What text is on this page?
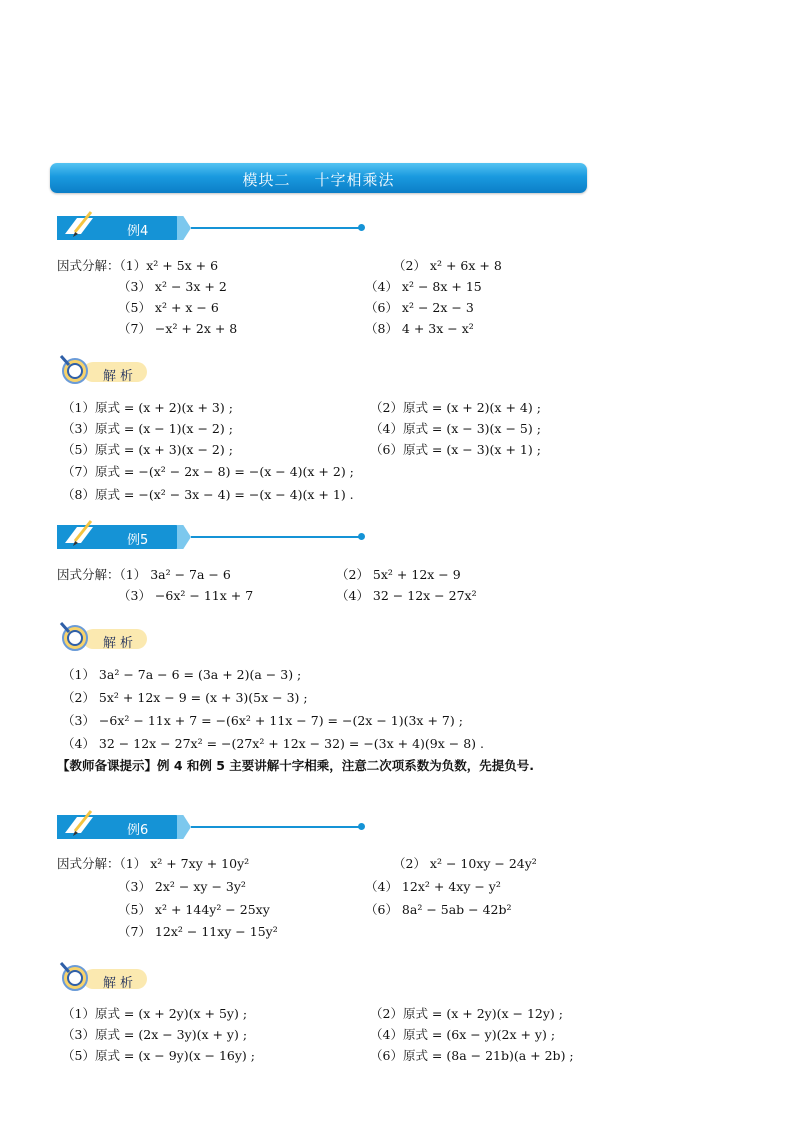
模块二 十字相乘法
例4
因式分解：（1）x² + 5x + 6	（2） x² + 6x + 8
（3） x² − 3x + 2	（4） x² − 8x + 15
（5） x² + x − 6	（6） x² − 2x − 3
（7） −x² + 2x + 8	（8） 4 + 3x − x²
解析
（1）原式 = (x + 2)(x + 3) ;	（2）原式 = (x + 2)(x + 4) ;
（3）原式 = (x − 1)(x − 2) ;	（4）原式 = (x − 3)(x − 5) ;
（5）原式 = (x + 3)(x − 2) ;	（6）原式 = (x − 3)(x + 1) ;
（7）原式 = −(x² − 2x − 8) = −(x − 4)(x + 2) ;
（8）原式 = −(x² − 3x − 4) = −(x − 4)(x + 1) .
例5
因式分解：（1） 3a² − 7a − 6	（2） 5x² + 12x − 9
（3） −6x² − 11x + 7	（4） 32 − 12x − 27x²
解析
（1） 3a² − 7a − 6 = (3a + 2)(a − 3) ;
（2） 5x² + 12x − 9 = (x + 3)(5x − 3) ;
（3） −6x² − 11x + 7 = −(6x² + 11x − 7) = −(2x − 1)(3x + 7) ;
（4） 32 − 12x − 27x² = −(27x² + 12x − 32) = −(3x + 4)(9x − 8) .
【教师备课提示】例 4 和例 5 主要讲解十字相乘，注意二次项系数为负数，先提负号.
例6
因式分解：（1） x² + 7xy + 10y²	（2） x² − 10xy − 24y²
（3） 2x² − xy − 3y²	（4） 12x² + 4xy − y²
（5） x² + 144y² − 25xy	（6） 8a² − 5ab − 42b²
（7） 12x² − 11xy − 15y²
解析
（1）原式 = (x + 2y)(x + 5y) ;	（2）原式 = (x + 2y)(x − 12y) ;
（3）原式 = (2x − 3y)(x + y) ;	（4）原式 = (6x − y)(2x + y) ;
（5）原式 = (x − 9y)(x − 16y) ;	（6）原式 = (8a − 21b)(a + 2b) ;
